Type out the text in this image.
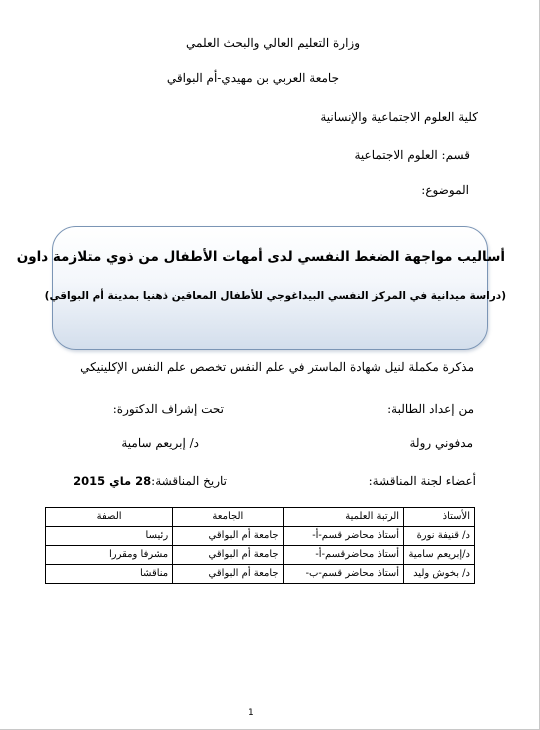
وزارة التعليم العالي والبحث العلمي
جامعة العربي بن مهيدي-أم البواقي
كلية العلوم الاجتماعية والإنسانية
قسم: العلوم الاجتماعية
الموضوع:
أساليب مواجهة الضغط النفسي لدى أمهات الأطفال من ذوي متلازمة داون
(دراسة ميدانية في المركز النفسي البيداغوجي للأطفال المعاقين ذهنيا بمدينة أم البواقي)
مذكرة مكملة لنيل شهادة الماستر في علم النفس تخصص علم النفس الإكلينيكي
من إعداد الطالبة:
تحت إشراف الدكتورة:
مدفوني رولة
د/ إبريعم سامية
أعضاء لجنة المناقشة:
تاريخ المناقشة:28 ماي 2015
الأستاذ	الرتبة العلمية	الجامعة	الصفة
د/ قنيفة نورة	أستاذ محاضر قسم-أ-	جامعة أم البواقي	رئيسا
د/إبريعم سامية	أستاذ محاضرقسم-أ-	جامعة أم البواقي	مشرفا ومقررا
د/ بخوش وليد	أستاذ محاضر قسم-ب-	جامعة أم البواقي	مناقشا
1
